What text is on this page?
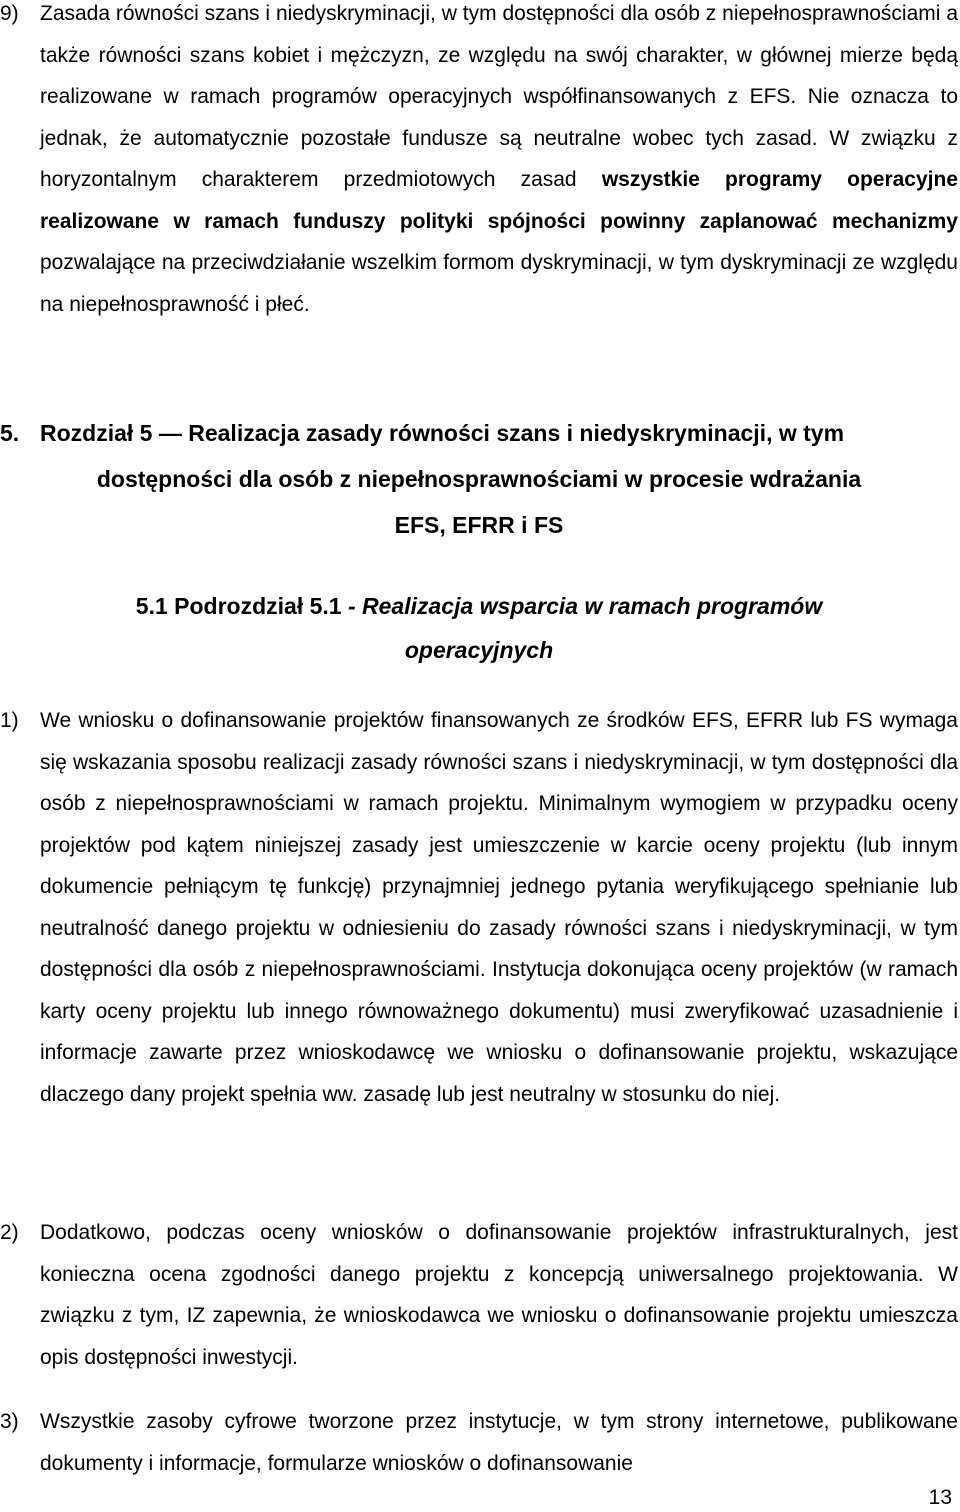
9) Zasada równości szans i niedyskryminacji, w tym dostępności dla osób z niepełnosprawnościami a także równości szans kobiet i mężczyzn, ze względu na swój charakter, w głównej mierze będą realizowane w ramach programów operacyjnych współfinansowanych z EFS. Nie oznacza to jednak, że automatycznie pozostałe fundusze są neutralne wobec tych zasad. W związku z horyzontalnym charakterem przedmiotowych zasad wszystkie programy operacyjne realizowane w ramach funduszy polityki spójności powinny zaplanować mechanizmy pozwalające na przeciwdziałanie wszelkim formom dyskryminacji, w tym dyskryminacji ze względu na niepełnosprawność i płeć.
5. Rozdział 5 — Realizacja zasady równości szans i niedyskryminacji, w tym
dostępności dla osób z niepełnosprawnościami w procesie wdrażania
EFS, EFRR i FS
5.1 Podrozdział 5.1 - Realizacja wsparcia w ramach programów
operacyjnych
1) We wniosku o dofinansowanie projektów finansowanych ze środków EFS, EFRR lub FS wymaga się wskazania sposobu realizacji zasady równości szans i niedyskryminacji, w tym dostępności dla osób z niepełnosprawnościami w ramach projektu. Minimalnym wymogiem w przypadku oceny projektów pod kątem niniejszej zasady jest umieszczenie w karcie oceny projektu (lub innym dokumencie pełniącym tę funkcję) przynajmniej jednego pytania weryfikującego spełnianie lub neutralność danego projektu w odniesieniu do zasady równości szans i niedyskryminacji, w tym dostępności dla osób z niepełnosprawnościami. Instytucja dokonująca oceny projektów (w ramach karty oceny projektu lub innego równoważnego dokumentu) musi zweryfikować uzasadnienie i informacje zawarte przez wnioskodawcę we wniosku o dofinansowanie projektu, wskazujące dlaczego dany projekt spełnia ww. zasadę lub jest neutralny w stosunku do niej.
2) Dodatkowo, podczas oceny wniosków o dofinansowanie projektów infrastrukturalnych, jest konieczna ocena zgodności danego projektu z koncepcją uniwersalnego projektowania. W związku z tym, IZ zapewnia, że wnioskodawca we wniosku o dofinansowanie projektu umieszcza opis dostępności inwestycji.
3) Wszystkie zasoby cyfrowe tworzone przez instytucje, w tym strony internetowe, publikowane dokumenty i informacje, formularze wniosków o dofinansowanie
13
